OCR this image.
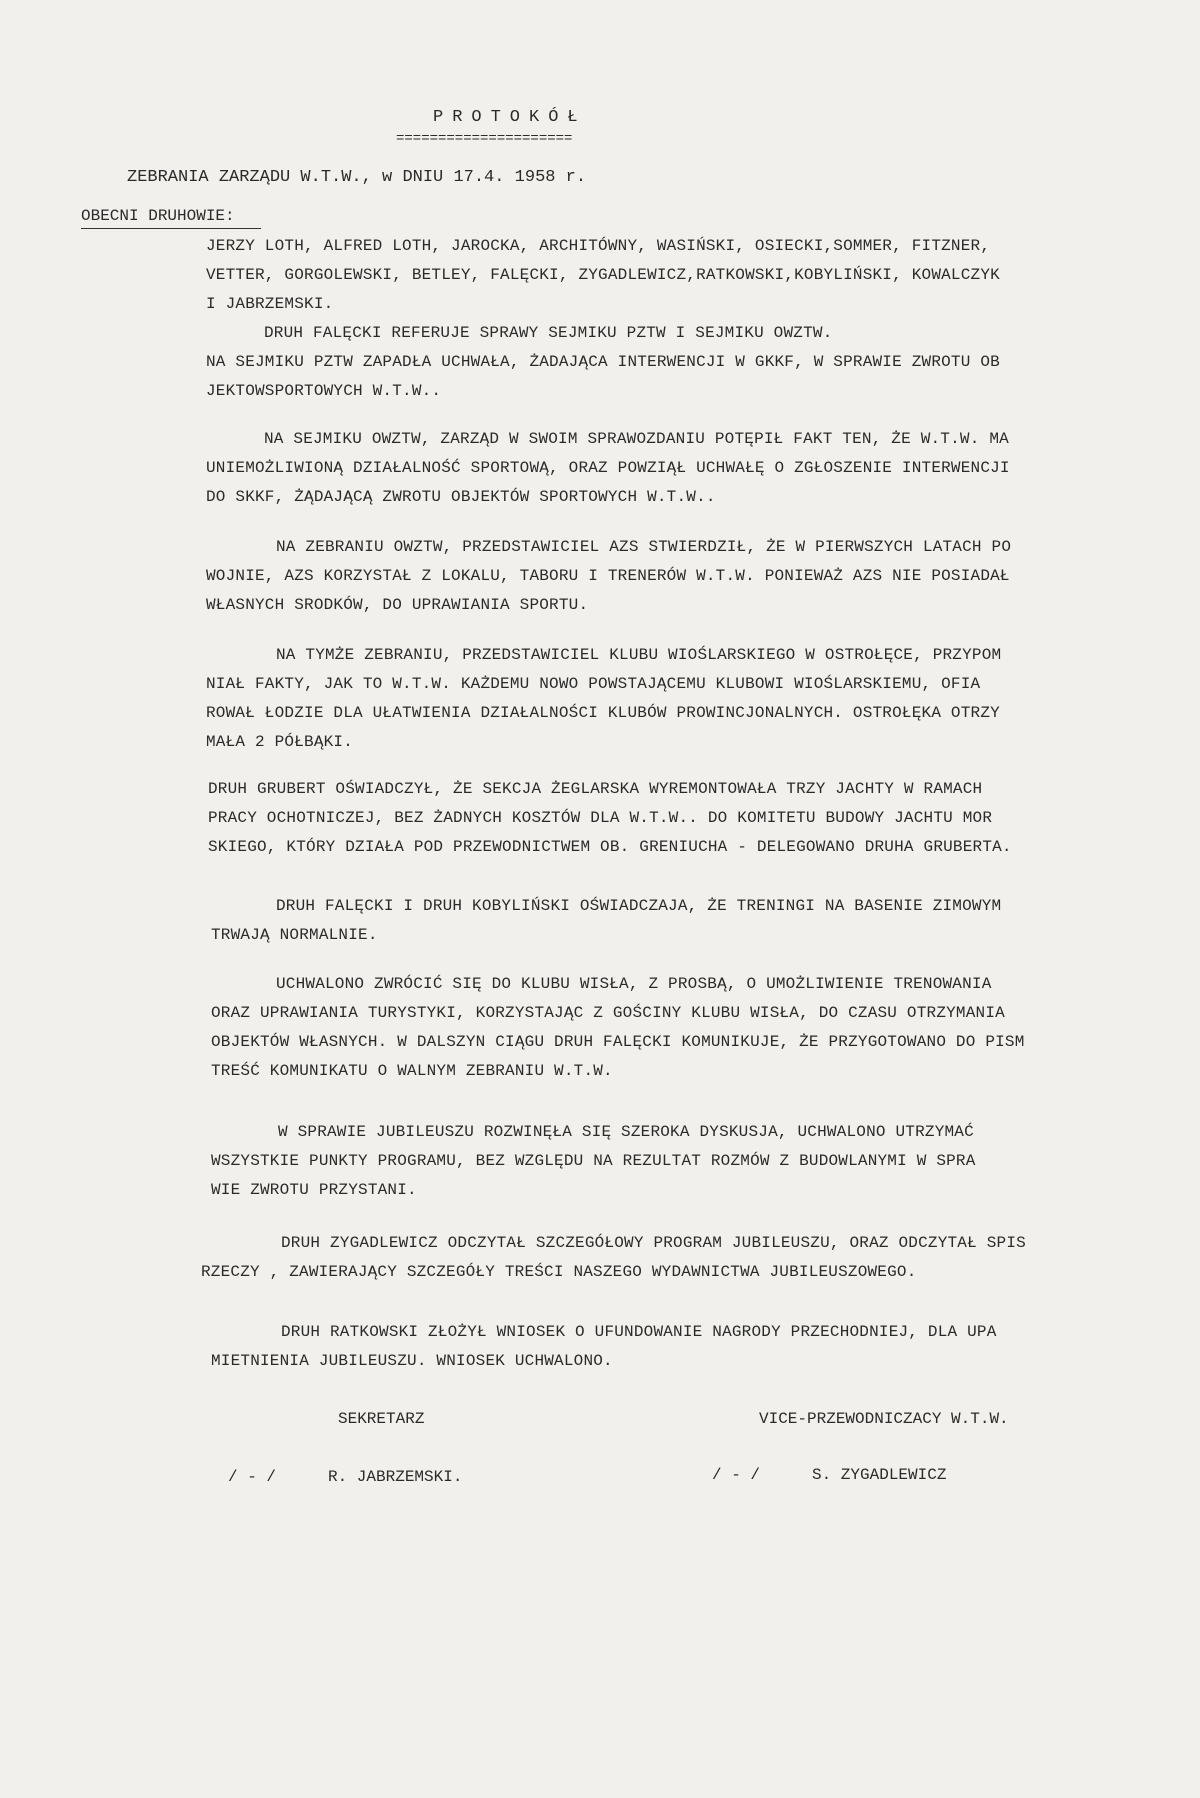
PROTOKÓŁ
=====================
ZEBRANIA ZARZĄDU W.T.W., w DNIU 17.4. 1958 r.
OBECNI DRUHOWIE:
JERZY LOTH, ALFRED LOTH, JAROCKA, ARCHITÓWNY, WASIŃSKI, OSIECKI,SOMMER, FITZNER,
VETTER, GORGOLEWSKI, BETLEY, FALĘCKI, ZYGADLEWICZ,RATKOWSKI,KOBYLIŃSKI, KOWALCZYK
I JABRZEMSKI.
DRUH FALĘCKI REFERUJE SPRAWY SEJMIKU PZTW I SEJMIKU OWZTW.
NA SEJMIKU PZTW ZAPADŁA UCHWAŁA, ŻADAJĄCA INTERWENCJI W GKKF, W SPRAWIE ZWROTU OB
JEKTOWSPORTOWYCH W.T.W..
NA SEJMIKU OWZTW, ZARZĄD W SWOIM SPRAWOZDANIU POTĘPIŁ FAKT TEN, ŻE W.T.W. MA
UNIEMOŻLIWIONĄ DZIAŁALNOŚĆ SPORTOWĄ, ORAZ POWZIĄŁ UCHWAŁĘ O ZGŁOSZENIE INTERWENCJI
DO SKKF, ŻĄDAJĄCĄ ZWROTU OBJEKTÓW SPORTOWYCH W.T.W..
NA ZEBRANIU OWZTW, PRZEDSTAWICIEL AZS STWIERDZIŁ, ŻE W PIERWSZYCH LATACH PO
WOJNIE, AZS KORZYSTAŁ Z LOKALU, TABORU I TRENERÓW W.T.W. PONIEWAŻ AZS NIE POSIADAŁ
WŁASNYCH SRODKÓW, DO UPRAWIANIA SPORTU.
NA TYMŻE ZEBRANIU, PRZEDSTAWICIEL KLUBU WIOŚLARSKIEGO W OSTROŁĘCE, PRZYPOM
NIAŁ FAKTY, JAK TO W.T.W. KAŻDEMU NOWO POWSTAJĄCEMU KLUBOWI WIOŚLARSKIEMU, OFIA
ROWAŁ ŁODZIE DLA UŁATWIENIA DZIAŁALNOŚCI KLUBÓW PROWINCJONALNYCH. OSTROŁĘKA OTRZY
MAŁA 2 PÓŁBĄKI.
DRUH GRUBERT OŚWIADCZYŁ, ŻE SEKCJA ŻEGLARSKA WYREMONTOWAŁA TRZY JACHTY W RAMACH
PRACY OCHOTNICZEJ, BEZ ŻADNYCH KOSZTÓW DLA W.T.W.. DO KOMITETU BUDOWY JACHTU MOR
SKIEGO, KTÓRY DZIAŁA POD PRZEWODNICTWEM OB. GRENIUCHA - DELEGOWANO DRUHA GRUBERTA.
DRUH FALĘCKI I DRUH KOBYLIŃSKI OŚWIADCZAJA, ŻE TRENINGI NA BASENIE ZIMOWYM
TRWAJĄ NORMALNIE.
UCHWALONO ZWRÓCIĆ SIĘ DO KLUBU WISŁA, Z PROSBĄ, O UMOŻLIWIENIE TRENOWANIA
ORAZ UPRAWIANIA TURYSTYKI, KORZYSTAJĄC Z GOŚCINY KLUBU WISŁA, DO CZASU OTRZYMANIA
OBJEKTÓW WŁASNYCH. W DALSZYN CIĄGU DRUH FALĘCKI KOMUNIKUJE, ŻE PRZYGOTOWANO DO PISM
TREŚĆ KOMUNIKATU O WALNYM ZEBRANIU W.T.W.
W SPRAWIE JUBILEUSZU ROZWINĘŁA SIĘ SZEROKA DYSKUSJA, UCHWALONO UTRZYMAĆ
WSZYSTKIE PUNKTY PROGRAMU, BEZ WZGLĘDU NA REZULTAT ROZMÓW Z BUDOWLANYMI W SPRA
WIE ZWROTU PRZYSTANI.
DRUH ZYGADLEWICZ ODCZYTAŁ SZCZEGÓŁOWY PROGRAM JUBILEUSZU, ORAZ ODCZYTAŁ SPIS
RZECZY , ZAWIERAJĄCY SZCZEGÓŁY TREŚCI NASZEGO WYDAWNICTWA JUBILEUSZOWEGO.
DRUH RATKOWSKI ZŁOŻYŁ WNIOSEK O UFUNDOWANIE NAGRODY PRZECHODNIEJ, DLA UPA
MIETNIENIA JUBILEUSZU. WNIOSEK UCHWALONO.
SEKRETARZ	VICE-PRZEWODNICZACY W.T.W.
/ - /	R. JABRZEMSKI.	/ - /	S. ZYGADLEWICZ
